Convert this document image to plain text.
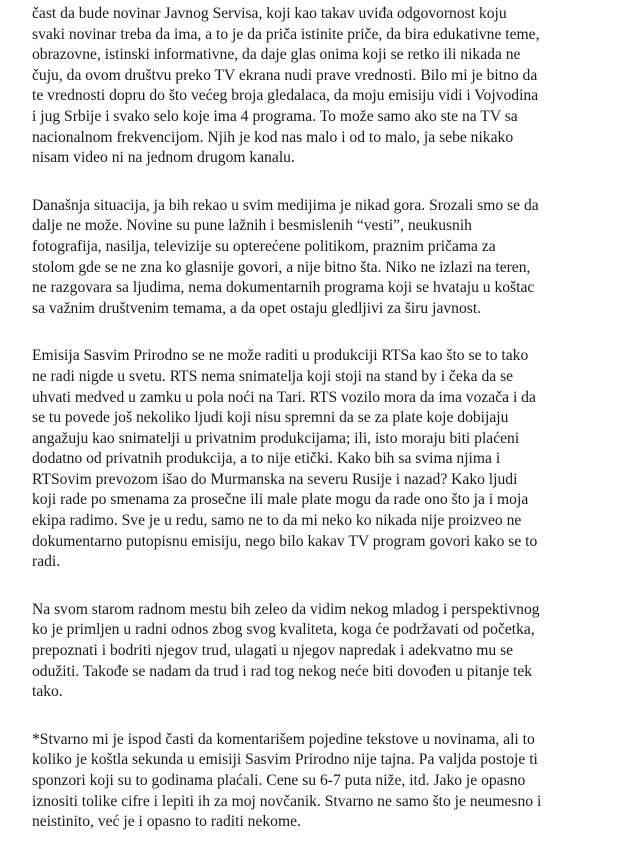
čast da bude novinar Javnog Servisa, koji kao takav uviđa odgovornost koju
svaki novinar treba da ima, a to je da priča istinite priče, da bira edukativne teme,
obrazovne, istinski informativne, da daje glas onima koji se retko ili nikada ne
čuju, da ovom društvu preko TV ekrana nudi prave vrednosti. Bilo mi je bitno da
te vrednosti dopru do što većeg broja gledalaca, da moju emisiju vidi i Vojvodina
i jug Srbije i svako selo koje ima 4 programa. To može samo ako ste na TV sa
nacionalnom frekvencijom. Njih je kod nas malo i od to malo, ja sebe nikako
nisam video ni na jednom drugom kanalu.
Današnja situacija, ja bih rekao u svim medijima je nikad gora. Srozali smo se da
dalje ne može. Novine su pune lažnih i besmislenih “vesti”, neukusnih
fotografija, nasilja, televizije su opterećene politikom, praznim pričama za
stolom gde se ne zna ko glasnije govori, a nije bitno šta. Niko ne izlazi na teren,
ne razgovara sa ljudima, nema dokumentarnih programa koji se hvataju u koštac
sa važnim društvenim temama, a da opet ostaju gledljivi za širu javnost.
Emisija Sasvim Prirodno se ne može raditi u produkciji RTSa kao što se to tako
ne radi nigde u svetu. RTS nema snimatelja koji stoji na stand by i čeka da se
uhvati medved u zamku u pola noći na Tari. RTS vozilo mora da ima vozača i da
se tu povede još nekoliko ljudi koji nisu spremni da se za plate koje dobijaju
angažuju kao snimatelji u privatnim produkcijama; ili, isto moraju biti plaćeni
dodatno od privatnih produkcija, a to nije etički. Kako bih sa svima njima i
RTSovim prevozom išao do Murmanska na severu Rusije i nazad? Kako ljudi
koji rade po smenama za prosečne ili male plate mogu da rade ono što ja i moja
ekipa radimo. Sve je u redu, samo ne to da mi neko ko nikada nije proizveo ne
dokumentarno putopisnu emisiju, nego bilo kakav TV program govori kako se to
radi.
Na svom starom radnom mestu bih zeleo da vidim nekog mladog i perspektivnog
ko je primljen u radni odnos zbog svog kvaliteta, koga će podržavati od početka,
prepoznati i bodriti njegov trud, ulagati u njegov napredak i adekvatno mu se
odužiti. Takođe se nadam da trud i rad tog nekog neće biti dovođen u pitanje tek
tako.
*Stvarno mi je ispod časti da komentarišem pojedine tekstove u novinama, ali to
koliko je koštla sekunda u emisiji Sasvim Prirodno nije tajna. Pa valjda postoje ti
sponzori koji su to godinama plaćali. Cene su 6-7 puta niže, itd. Jako je opasno
iznositi tolike cifre i lepiti ih za moj novčanik. Stvarno ne samo što je neumesno i
neistinito, već je i opasno to raditi nekome.
